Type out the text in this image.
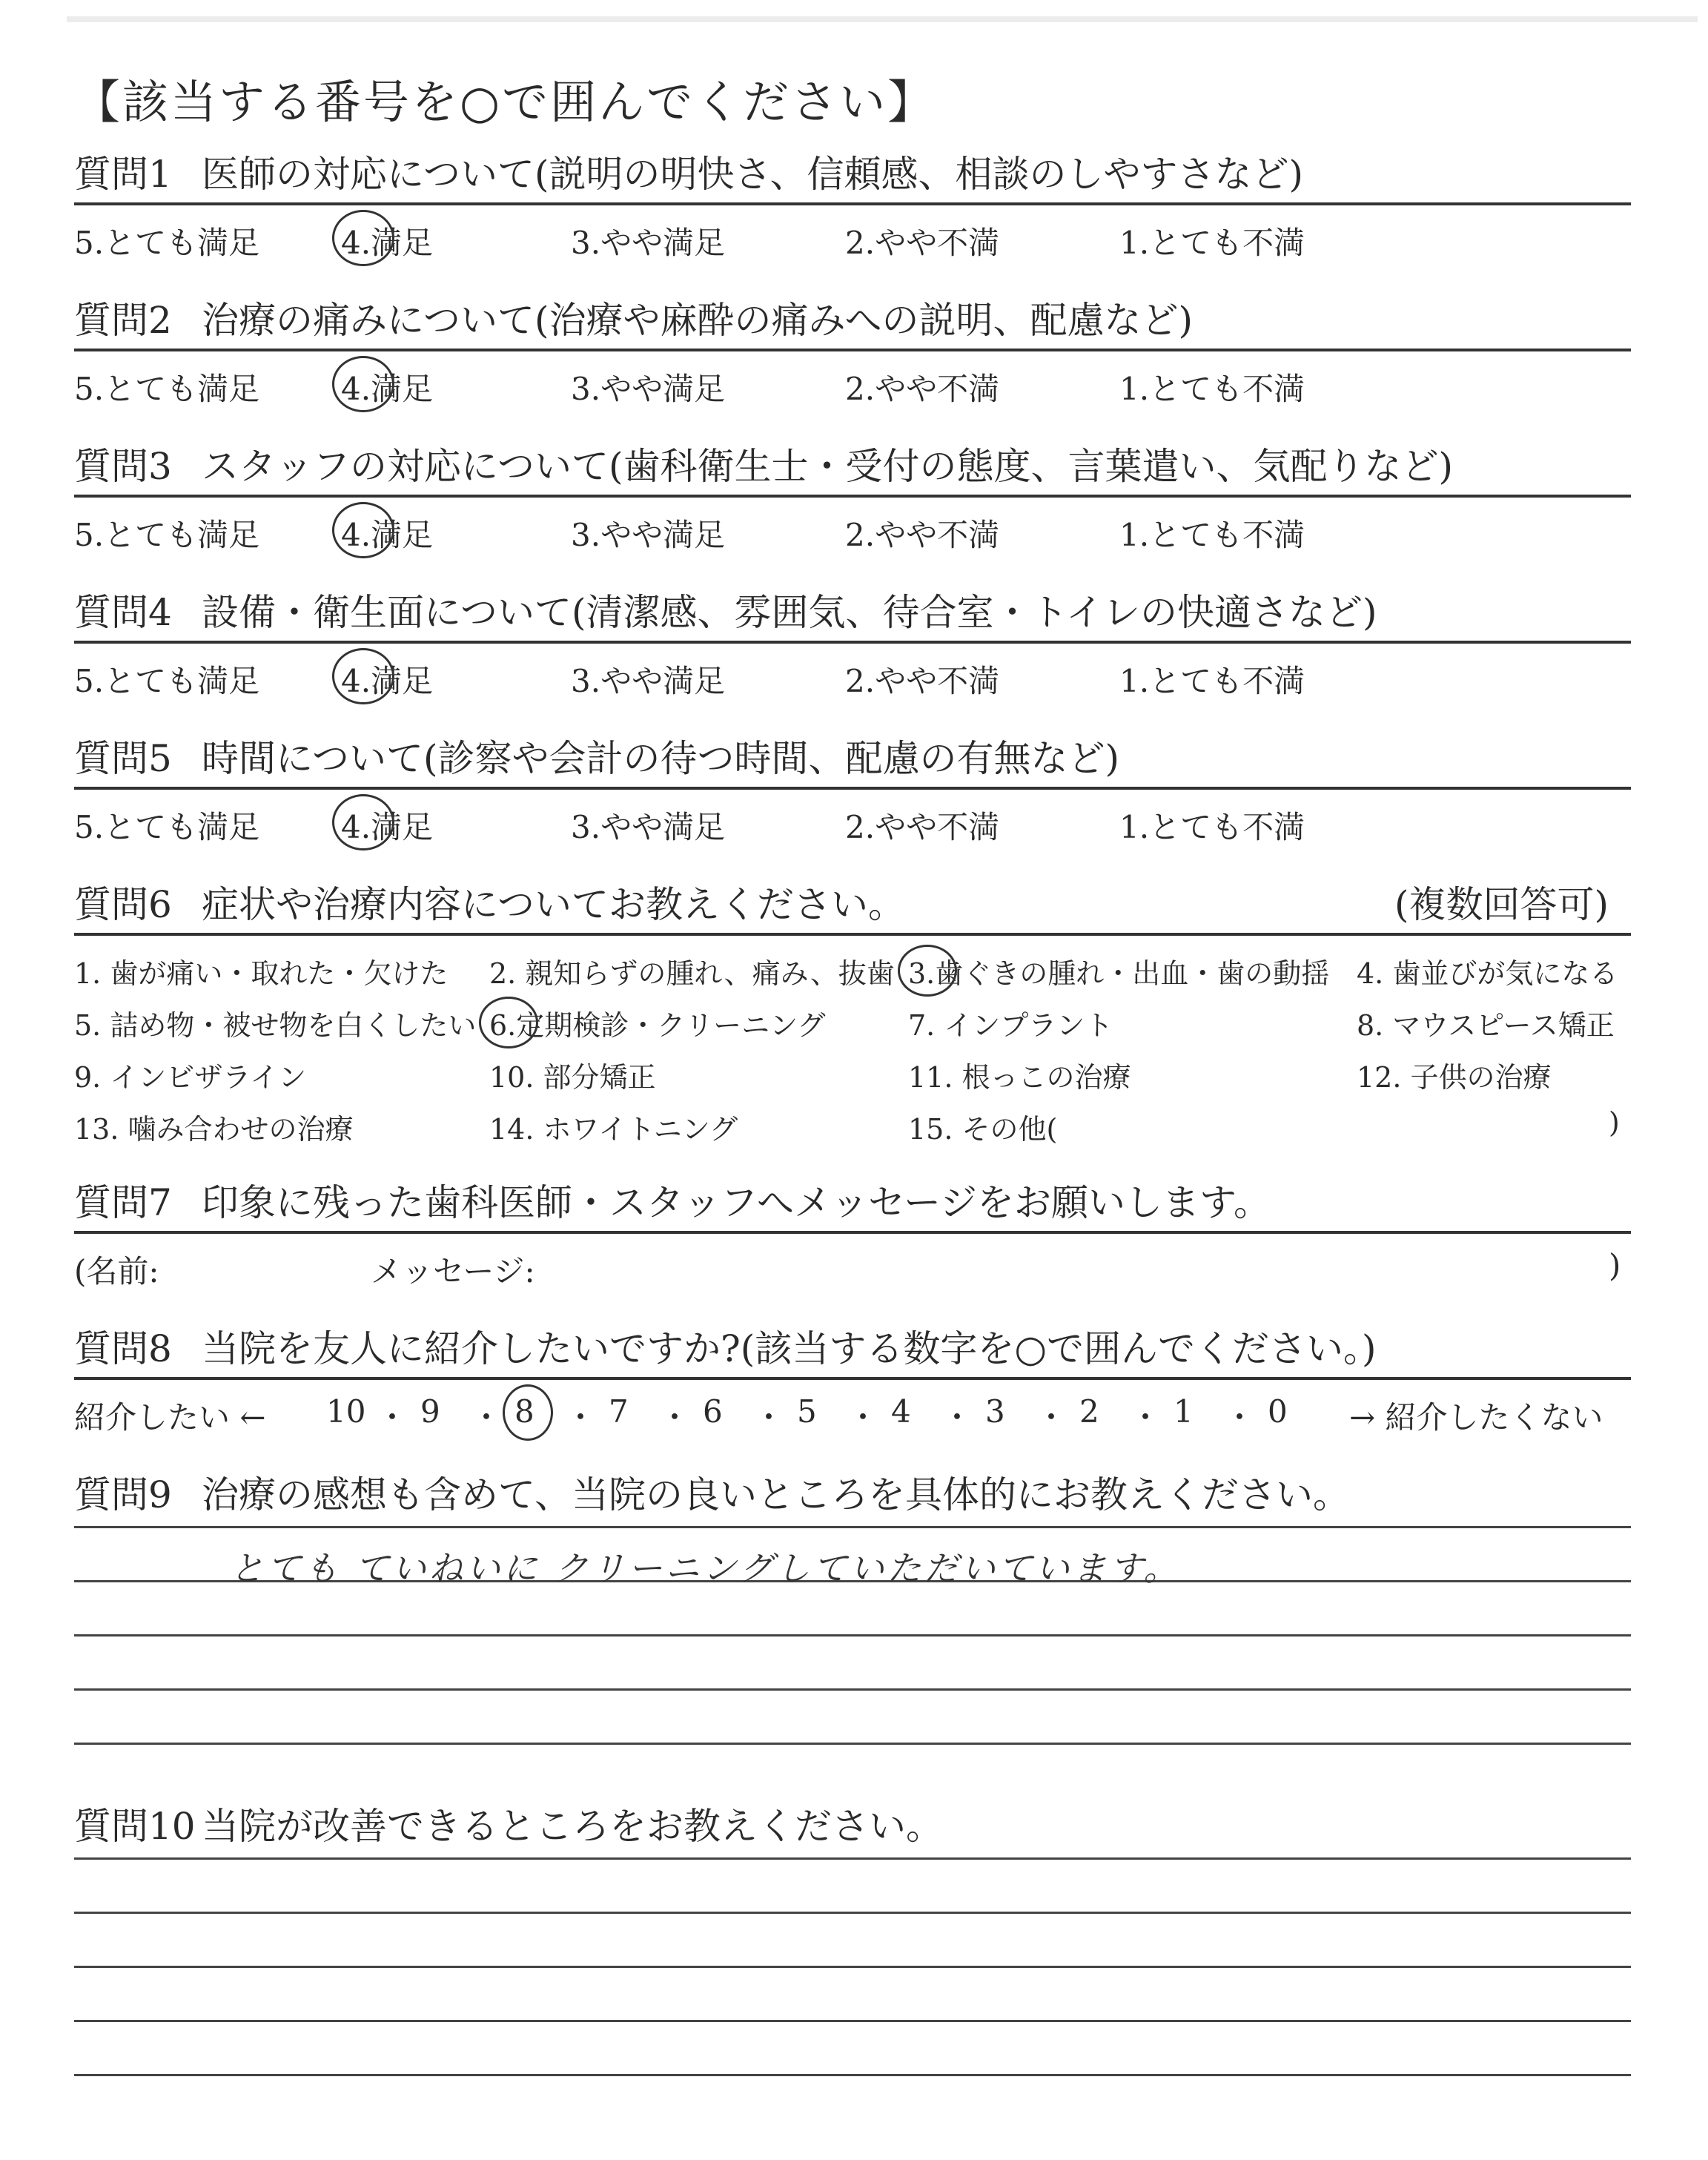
【該当する番号を○で囲んでください】
質問1 医師の対応について(説明の明快さ、信頼感、相談のしやすさなど)
5.とても満足	4.満足	3.やや満足	2.やや不満	1.とても不満
質問2 治療の痛みについて(治療や麻酔の痛みへの説明、配慮など)
5.とても満足	4.満足	3.やや満足	2.やや不満	1.とても不満
質問3 スタッフの対応について(歯科衛生士・受付の態度、言葉遣い、気配りなど)
5.とても満足	4.満足	3.やや満足	2.やや不満	1.とても不満
質問4 設備・衛生面について(清潔感、雰囲気、待合室・トイレの快適さなど)
5.とても満足	4.満足	3.やや満足	2.やや不満	1.とても不満
質問5 時間について(診察や会計の待つ時間、配慮の有無など)
5.とても満足	4.満足	3.やや満足	2.やや不満	1.とても不満
質問6 症状や治療内容についてお教えください。	(複数回答可)
1. 歯が痛い・取れた・欠けた 2. 親知らずの腫れ、痛み、抜歯 3.歯ぐきの腫れ・出血・歯の動揺 4. 歯並びが気になる
5. 詰め物・被せ物を白くしたい 6.定期検診・クリーニング	7. インプラント	8. マウスピース矯正
9. インビザライン	10. 部分矯正	11. 根っこの治療	12. 子供の治療
13. 噛み合わせの治療	14. ホワイトニング	15. その他(	)
質問7 印象に残った歯科医師・スタッフへメッセージをお願いします。
(名前:	メッセージ:	)
質問8 当院を友人に紹介したいですか?(該当する数字を○で囲んでください。)
紹介したい ←	→ 紹介したくない
10 ・ 9 ・ 8 ・ 7 ・ 6 ・ 5 ・ 4 ・ 3 ・ 2 ・ 1 ・ 0
質問9 治療の感想も含めて、当院の良いところを具体的にお教えください。
とても ていねいに クリーニングしていただいています。
質問10 当院が改善できるところをお教えください。
